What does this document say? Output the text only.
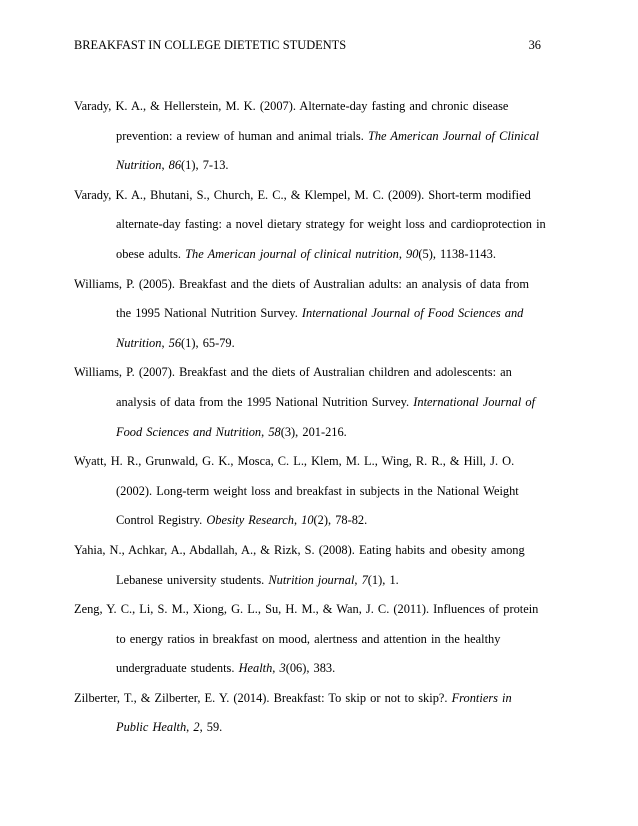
BREAKFAST IN COLLEGE DIETETIC STUDENTS	36

Varady, K. A., & Hellerstein, M. K. (2007). Alternate-day fasting and chronic disease prevention: a review of human and animal trials. The American Journal of Clinical Nutrition, 86(1), 7-13.

Varady, K. A., Bhutani, S., Church, E. C., & Klempel, M. C. (2009). Short-term modified alternate-day fasting: a novel dietary strategy for weight loss and cardioprotection in obese adults. The American journal of clinical nutrition, 90(5), 1138-1143.

Williams, P. (2005). Breakfast and the diets of Australian adults: an analysis of data from the 1995 National Nutrition Survey. International Journal of Food Sciences and Nutrition, 56(1), 65-79.

Williams, P. (2007). Breakfast and the diets of Australian children and adolescents: an analysis of data from the 1995 National Nutrition Survey. International Journal of Food Sciences and Nutrition, 58(3), 201-216.

Wyatt, H. R., Grunwald, G. K., Mosca, C. L., Klem, M. L., Wing, R. R., & Hill, J. O. (2002). Long-term weight loss and breakfast in subjects in the National Weight Control Registry. Obesity Research, 10(2), 78-82.

Yahia, N., Achkar, A., Abdallah, A., & Rizk, S. (2008). Eating habits and obesity among Lebanese university students. Nutrition journal, 7(1), 1.

Zeng, Y. C., Li, S. M., Xiong, G. L., Su, H. M., & Wan, J. C. (2011). Influences of protein to energy ratios in breakfast on mood, alertness and attention in the healthy undergraduate students. Health, 3(06), 383.

Zilberter, T., & Zilberter, E. Y. (2014). Breakfast: To skip or not to skip?. Frontiers in Public Health, 2, 59.
